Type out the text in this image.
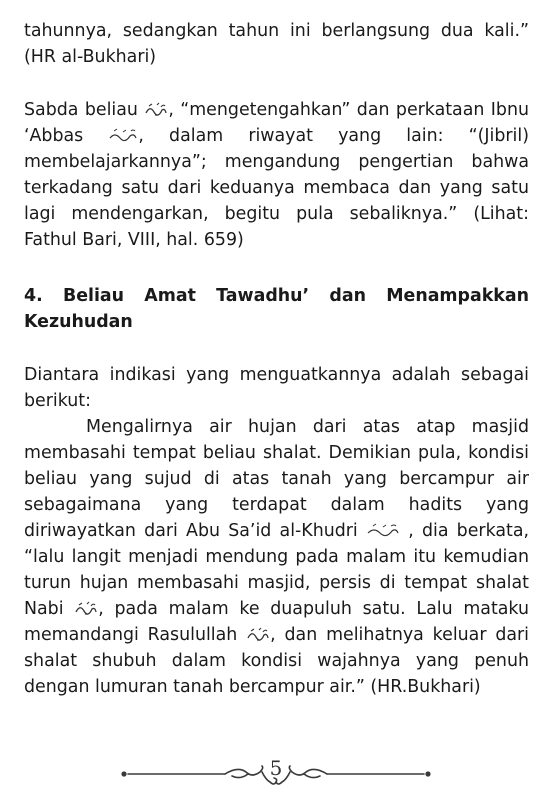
tahunnya, sedangkan tahun ini berlangsung dua kali.”
(HR al-Bukhari)
Sabda beliau
, “mengetengahkan” dan perkataan Ibnu
‘Abbas
, dalam riwayat yang lain: “(Jibril)
membelajarkannya”; mengandung pengertian bahwa
terkadang satu dari keduanya membaca dan yang satu
lagi mendengarkan, begitu pula sebaliknya.” (Lihat:
Fathul Bari, VIII, hal. 659)
4. Beliau Amat Tawadhu’ dan Menampakkan
Kezuhudan
Diantara indikasi yang menguatkannya adalah sebagai
berikut:
Mengalirnya air hujan dari atas atap masjid
membasahi tempat beliau shalat. Demikian pula, kondisi
beliau yang sujud di atas tanah yang bercampur air
sebagaimana yang terdapat dalam hadits yang
diriwayatkan dari Abu Sa’id al-Khudri
, dia berkata,
“lalu langit menjadi mendung pada malam itu kemudian
turun hujan membasahi masjid, persis di tempat shalat
Nabi
, pada malam ke duapuluh satu. Lalu mataku
memandangi Rasulullah
, dan melihatnya keluar dari
shalat shubuh dalam kondisi wajahnya yang penuh
dengan lumuran tanah bercampur air.” (HR.Bukhari)
5
